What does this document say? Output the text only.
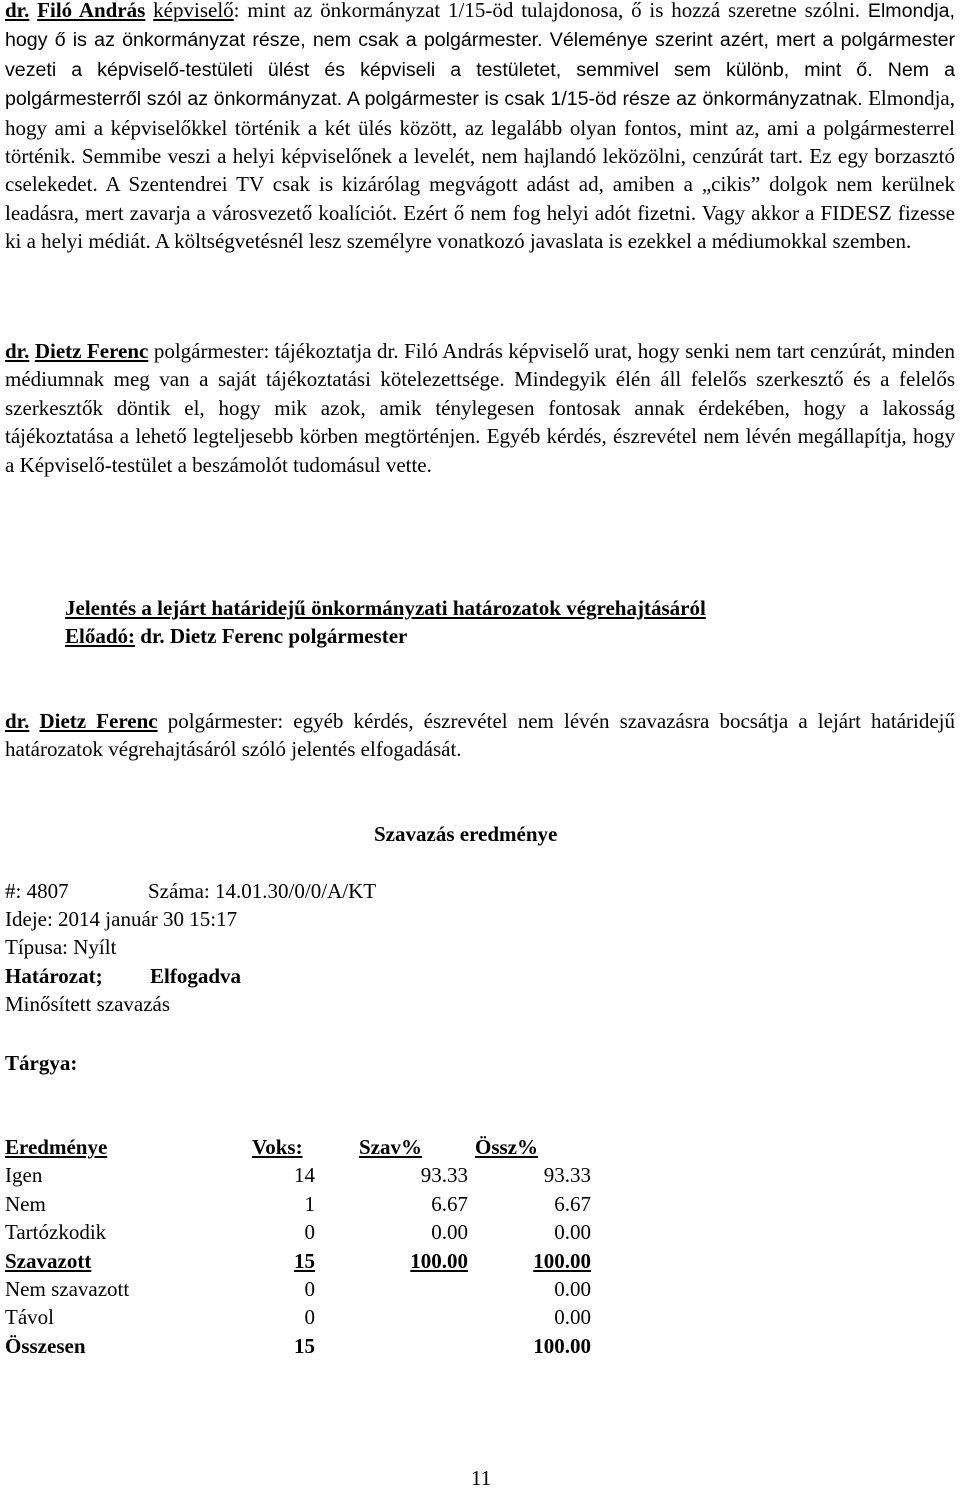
dr. Filó András képviselő: mint az önkormányzat 1/15-öd tulajdonosa, ő is hozzá szeretne szólni. Elmondja, hogy ő is az önkormányzat része, nem csak a polgármester. Véleménye szerint azért, mert a polgármester vezeti a képviselő-testületi ülést és képviseli a testületet, semmivel sem különb, mint ő. Nem a polgármesterről szól az önkormányzat. A polgármester is csak 1/15-öd része az önkormányzatnak. Elmondja, hogy ami a képviselőkkel történik a két ülés között, az legalább olyan fontos, mint az, ami a polgármesterrel történik. Semmibe veszi a helyi képviselőnek a levelét, nem hajlandó leközölni, cenzúrát tart. Ez egy borzasztó cselekedet. A Szentendrei TV csak is kizárólag megvágott adást ad, amiben a „cikis” dolgok nem kerülnek leadásra, mert zavarja a városvezető koalíciót. Ezért ő nem fog helyi adót fizetni. Vagy akkor a FIDESZ fizesse ki a helyi médiát. A költségvetésnél lesz személyre vonatkozó javaslata is ezekkel a médiumokkal szemben.

dr. Dietz Ferenc polgármester: tájékoztatja dr. Filó András képviselő urat, hogy senki nem tart cenzúrát, minden médiumnak meg van a saját tájékoztatási kötelezettsége. Mindegyik élén áll felelős szerkesztő és a felelős szerkesztők döntik el, hogy mik azok, amik ténylegesen fontosak annak érdekében, hogy a lakosság tájékoztatása a lehető legteljesebb körben megtörténjen. Egyéb kérdés, észrevétel nem lévén megállapítja, hogy a Képviselő-testület a beszámolót tudomásul vette.

Jelentés a lejárt határidejű önkormányzati határozatok végrehajtásáról

Előadó: dr. Dietz Ferenc polgármester

dr. Dietz Ferenc polgármester: egyéb kérdés, észrevétel nem lévén szavazásra bocsátja a lejárt határidejű határozatok végrehajtásáról szóló jelentés elfogadását.

Szavazás eredménye

#: 4807	Száma: 14.01.30/0/0/A/KT

Ideje: 2014 január 30 15:17

Típusa: Nyílt

Határozat; Elfogadva

Minősített szavazás

Tárgya:

Eredménye	Voks:	Szav%	Össz%
Igen	14	93.33	93.33
Nem	1	6.67	6.67
Tartózkodik	0	0.00	0.00
Szavazott	15	100.00	100.00
Nem szavazott	0		0.00
Távol	0		0.00
Összesen	15		100.00

11
